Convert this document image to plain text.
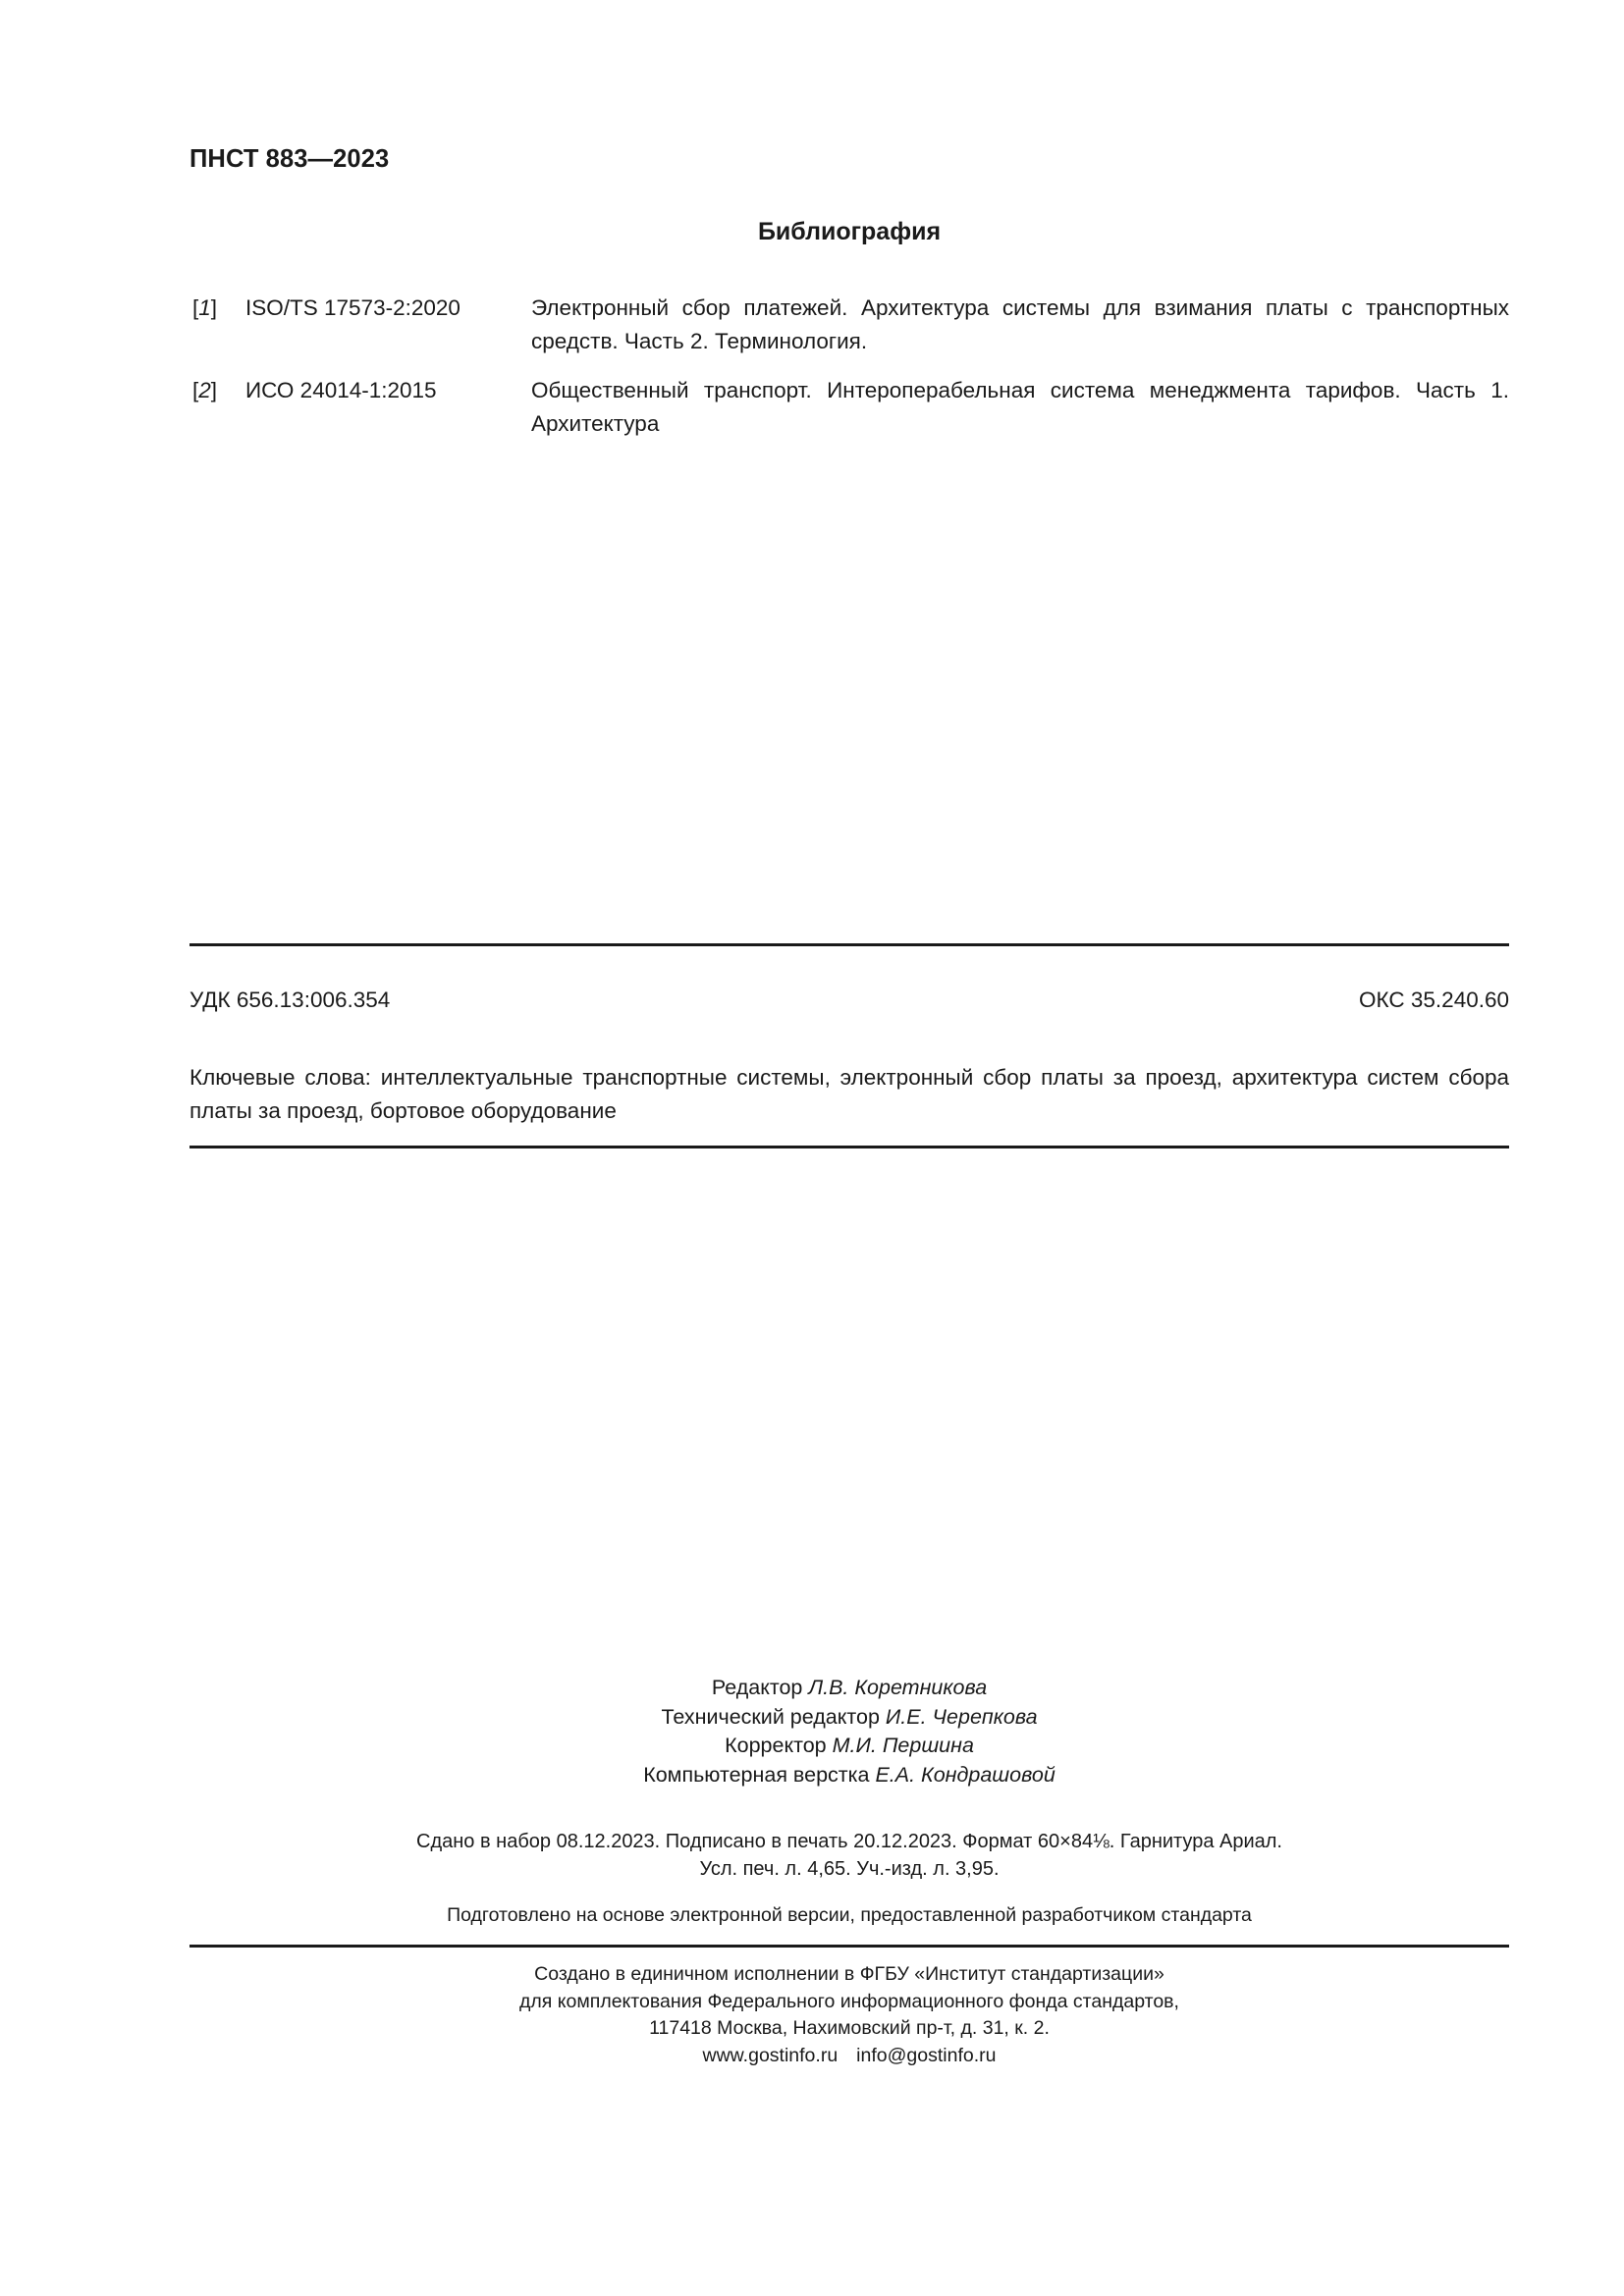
ПНСТ 883—2023
Библиография
[1] ISO/TS 17573-2:2020	Электронный сбор платежей. Архитектура системы для взимания платы с транспортных средств. Часть 2. Терминология.
[2] ИСО 24014-1:2015	Общественный транспорт. Интероперабельная система менеджмента тарифов. Часть 1. Архитектура
УДК 656.13:006.354	ОКС 35.240.60
Ключевые слова: интеллектуальные транспортные системы, электронный сбор платы за проезд, архитектура систем сбора платы за проезд, бортовое оборудование
Редактор Л.В. Коретникова
Технический редактор И.Е. Черепкова
Корректор М.И. Першина
Компьютерная верстка Е.А. Кондрашовой
Сдано в набор 08.12.2023. Подписано в печать 20.12.2023. Формат 60×84⅛. Гарнитура Ариал.
Усл. печ. л. 4,65. Уч.-изд. л. 3,95.
Подготовлено на основе электронной версии, предоставленной разработчиком стандарта
Создано в единичном исполнении в ФГБУ «Институт стандартизации»
для комплектования Федерального информационного фонда стандартов,
117418 Москва, Нахимовский пр-т, д. 31, к. 2.
www.gostinfo.ru info@gostinfo.ru
